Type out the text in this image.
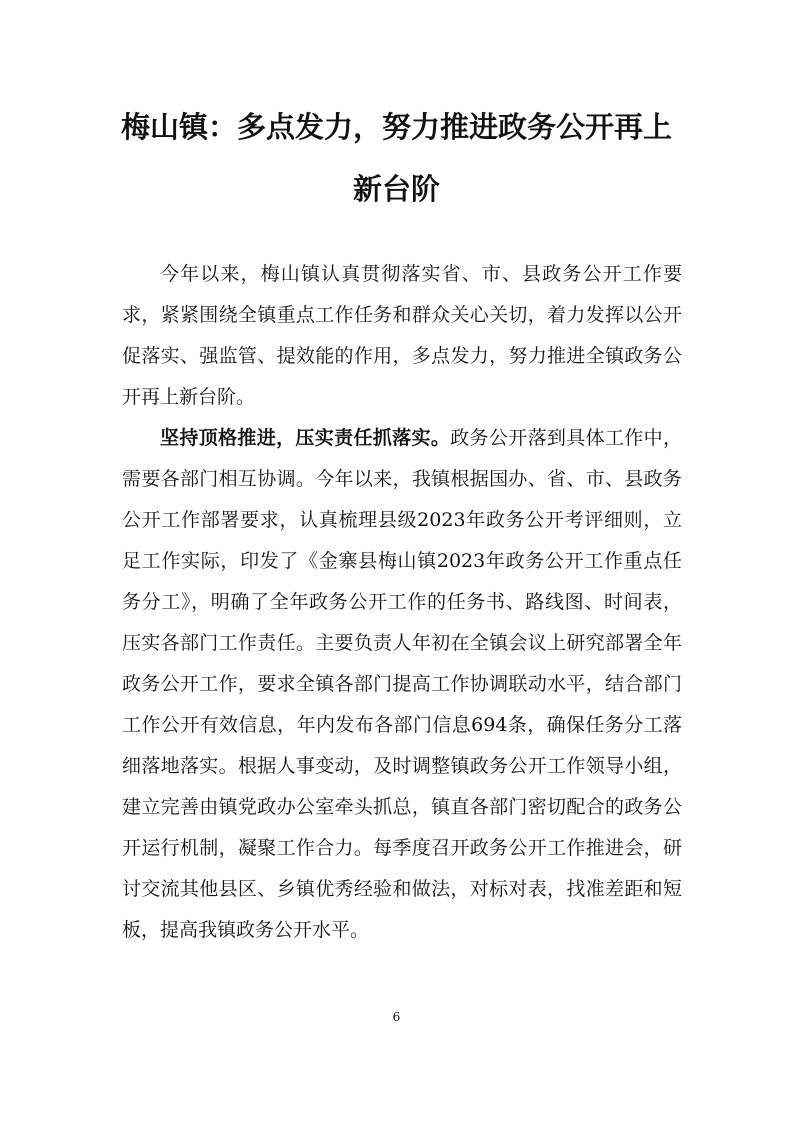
梅山镇：多点发力，努力推进政务公开再上
新台阶

今年以来，梅山镇认真贯彻落实省、市、县政务公开工作要求，紧紧围绕全镇重点工作任务和群众关心关切，着力发挥以公开促落实、强监管、提效能的作用，多点发力，努力推进全镇政务公开再上新台阶。

坚持顶格推进，压实责任抓落实。政务公开落到具体工作中，需要各部门相互协调。今年以来，我镇根据国办、省、市、县政务公开工作部署要求，认真梳理县级2023年政务公开考评细则，立足工作实际，印发了《金寨县梅山镇2023年政务公开工作重点任务分工》，明确了全年政务公开工作的任务书、路线图、时间表，压实各部门工作责任。主要负责人年初在全镇会议上研究部署全年政务公开工作，要求全镇各部门提高工作协调联动水平，结合部门工作公开有效信息，年内发布各部门信息694条，确保任务分工落细落地落实。根据人事变动，及时调整镇政务公开工作领导小组，建立完善由镇党政办公室牵头抓总，镇直各部门密切配合的政务公开运行机制，凝聚工作合力。每季度召开政务公开工作推进会，研讨交流其他县区、乡镇优秀经验和做法，对标对表，找准差距和短板，提高我镇政务公开水平。

6
